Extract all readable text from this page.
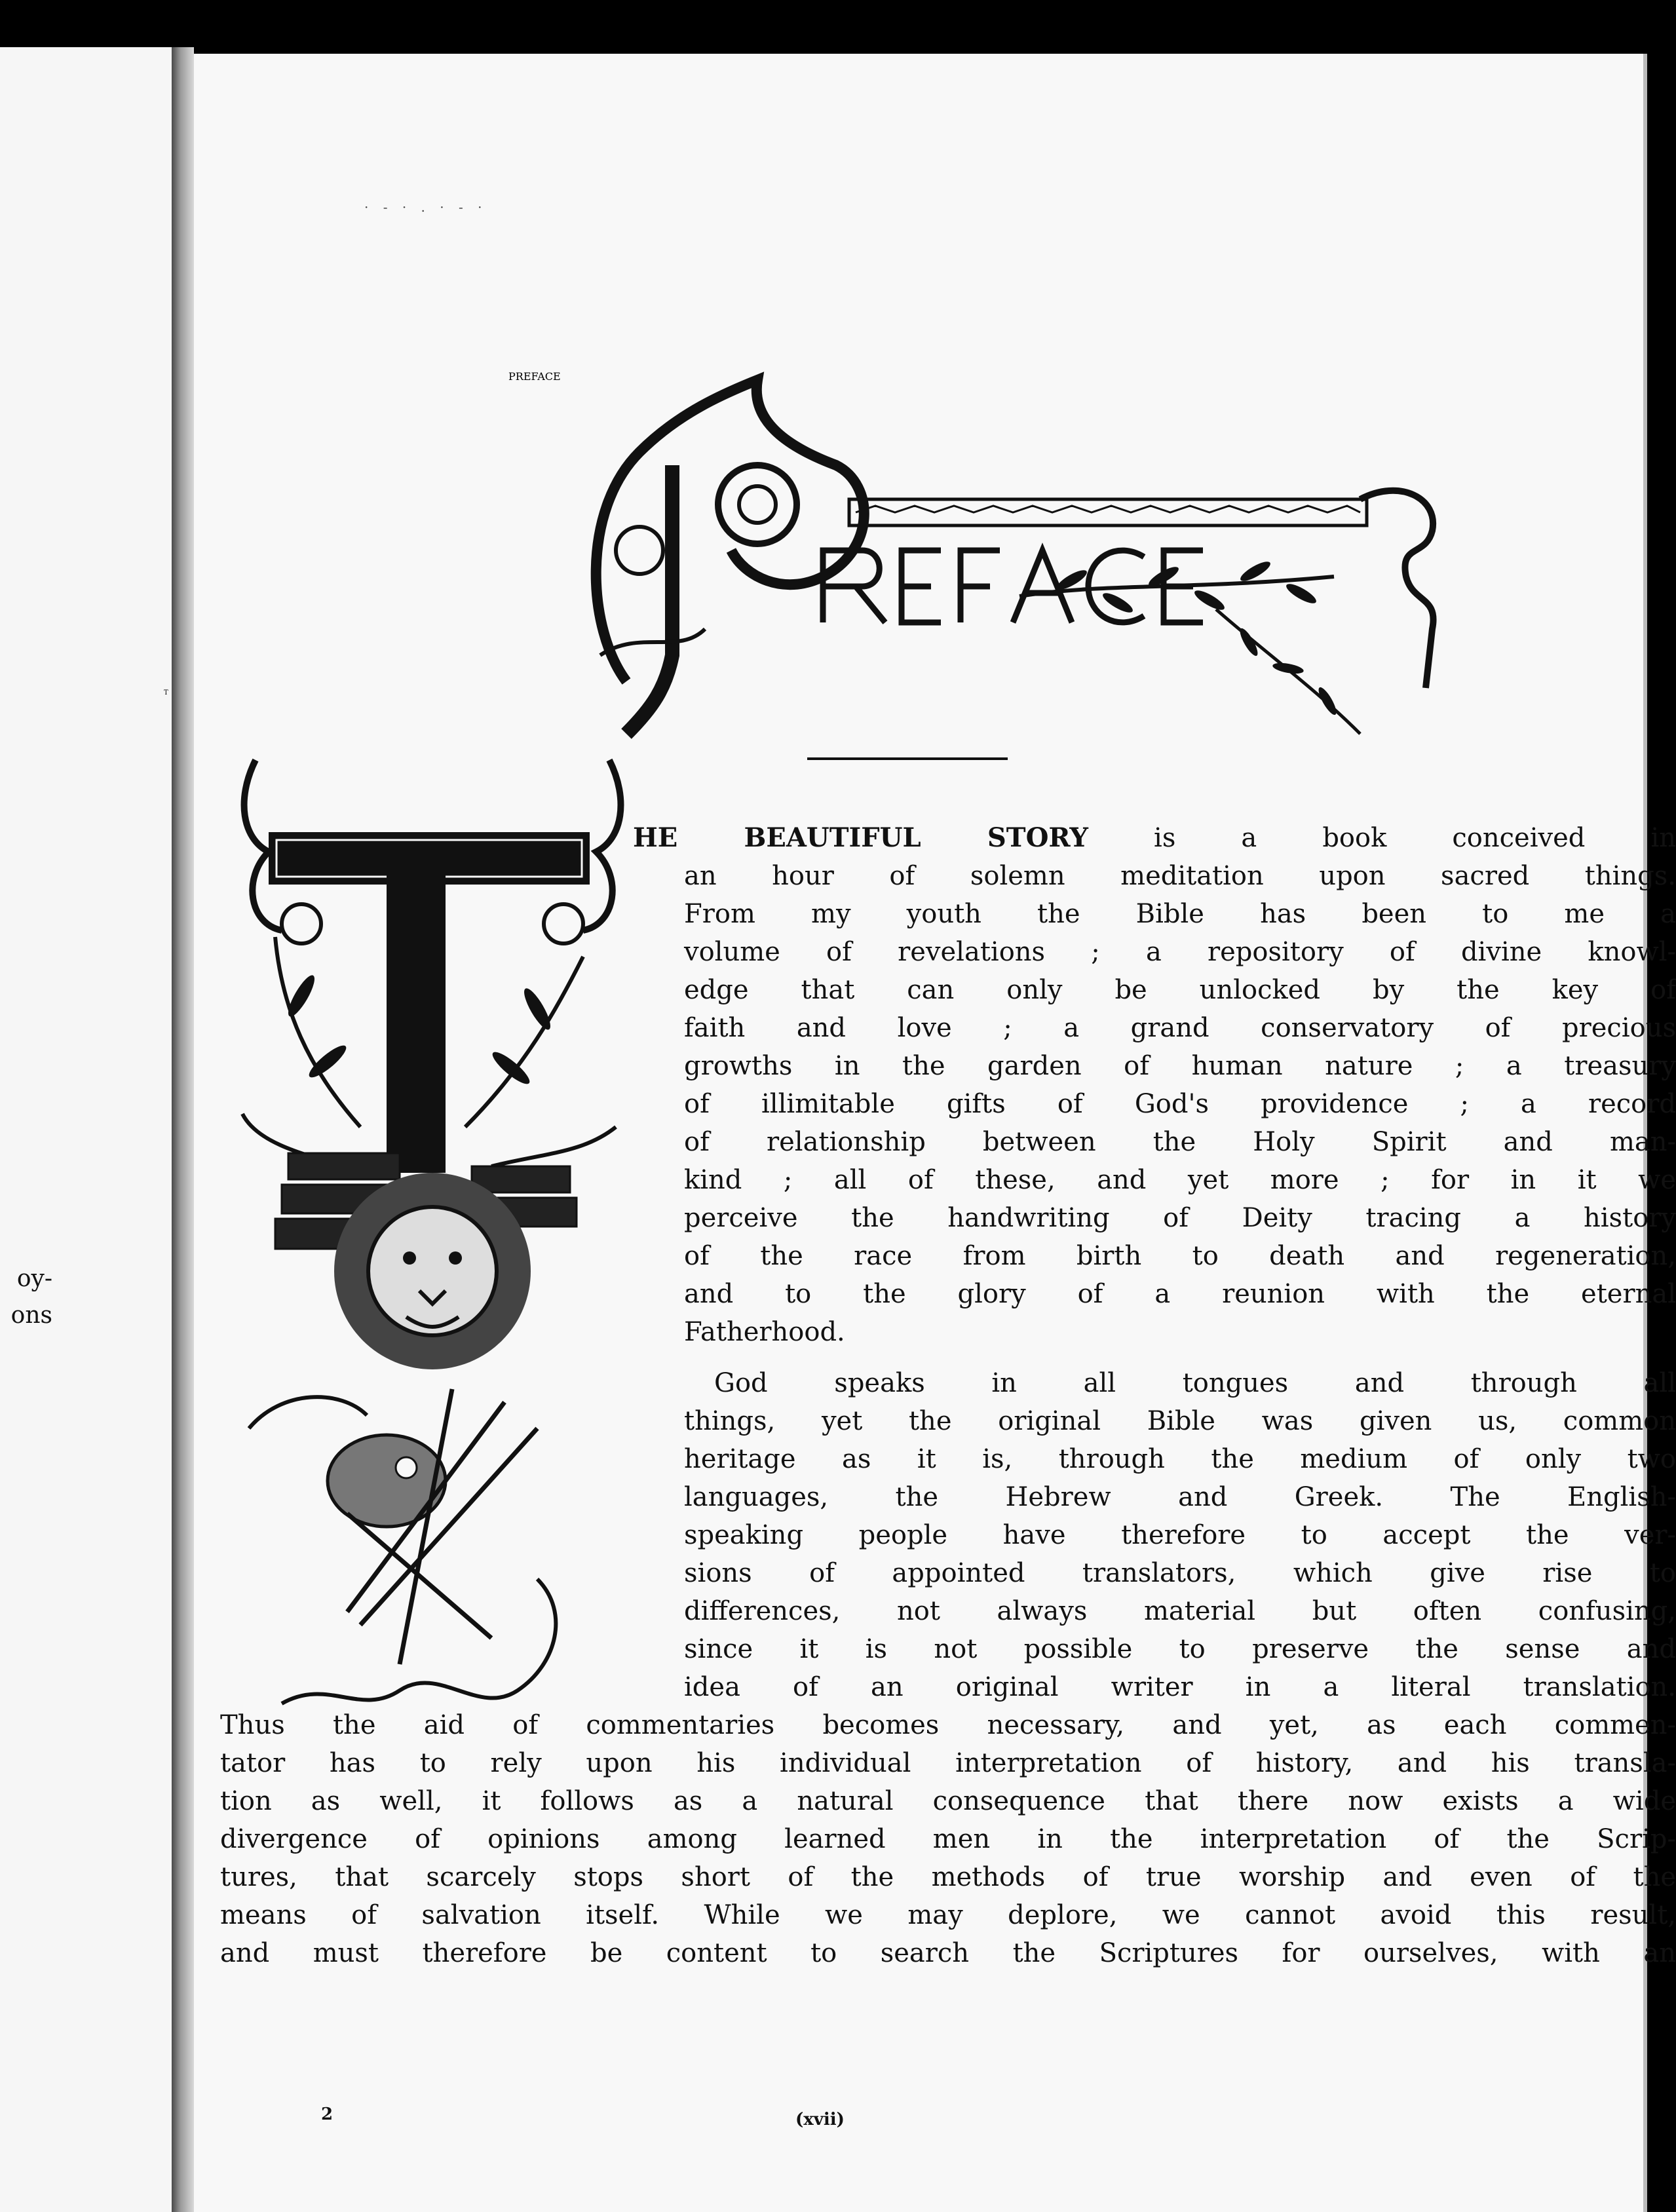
oy-
ons
· - · . · - ·
PREFACE
T
HE BEAUTIFUL STORY is a book conceived in
an hour of solemn meditation upon sacred things.
From my youth the Bible has been to me a
volume of revelations ; a repository of divine knowl-
edge that can only be unlocked by the key of
faith and love ; a grand conservatory of precious
growths in the garden of human nature ; a treasury
of illimitable gifts of God's providence ; a record
of relationship between the Holy Spirit and man-
kind ; all of these, and yet more ; for in it we
perceive the handwriting of Deity tracing a history
of the race from birth to death and regeneration,
and to the glory of a reunion with the eternal
Fatherhood.
God speaks in all tongues and through all
things, yet the original Bible was given us, common
heritage as it is, through the medium of only two
languages, the Hebrew and Greek. The English-
speaking people have therefore to accept the ver-
sions of appointed translators, which give rise to
differences, not always material but often confusing,
since it is not possible to preserve the sense and
idea of an original writer in a literal translation.
Thus the aid of commentaries becomes necessary, and yet, as each commen-
tator has to rely upon his individual interpretation of history, and his transla-
tion as well, it follows as a natural consequence that there now exists a wide
divergence of opinions among learned men in the interpretation of the Scrip-
tures, that scarcely stops short of the methods of true worship and even of the
means of salvation itself. While we may deplore, we cannot avoid this result,
and must therefore be content to search the Scriptures for ourselves, with an
2	(xvii)
